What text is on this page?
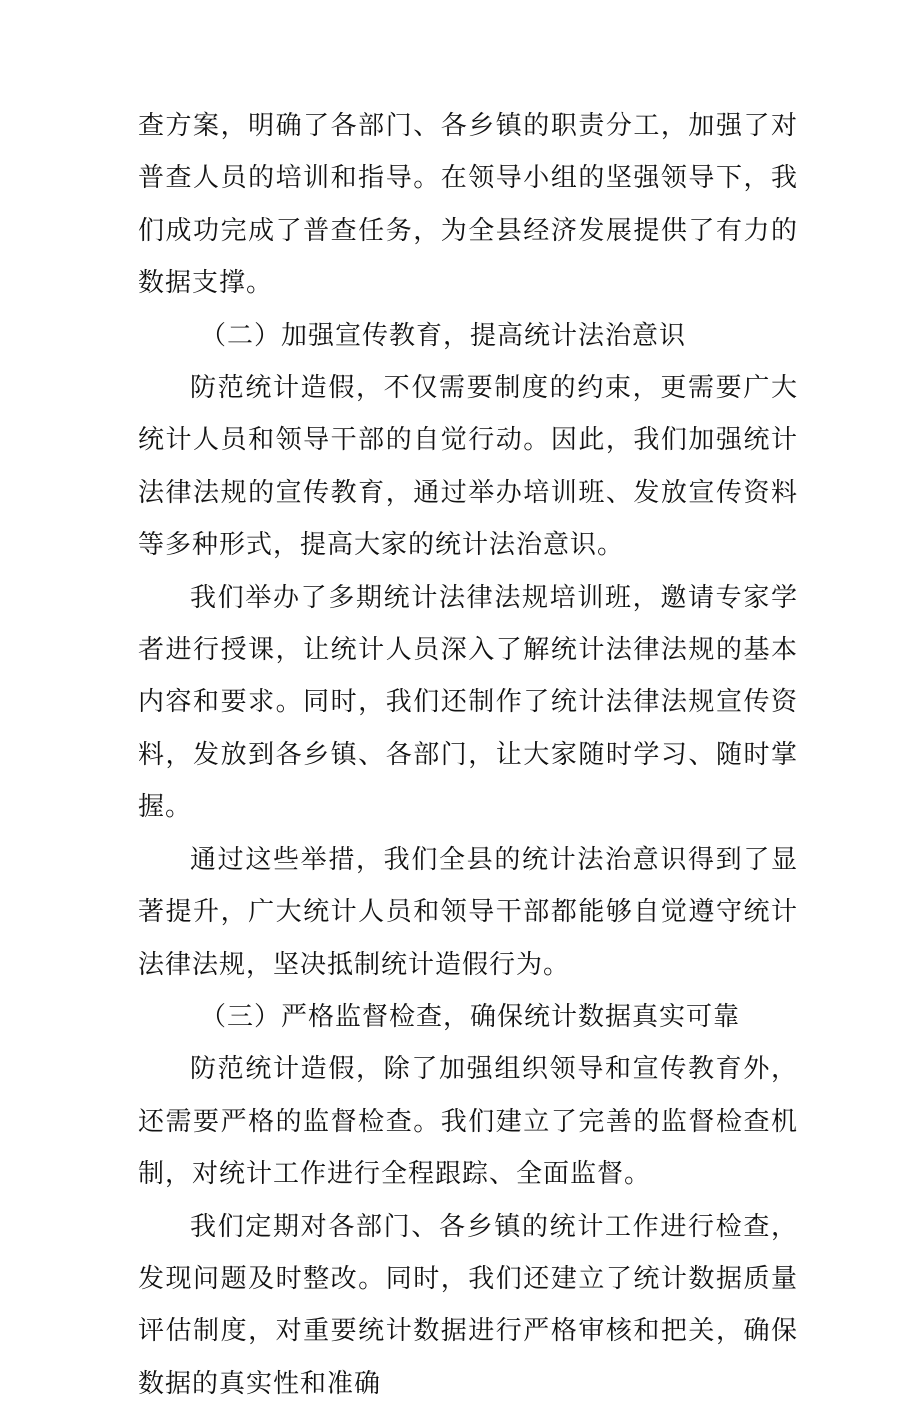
查方案，明确了各部门、各乡镇的职责分工，加强了对普查人员的培训和指导。在领导小组的坚强领导下，我们成功完成了普查任务，为全县经济发展提供了有力的数据支撑。

（二）加强宣传教育，提高统计法治意识

防范统计造假，不仅需要制度的约束，更需要广大统计人员和领导干部的自觉行动。因此，我们加强统计法律法规的宣传教育，通过举办培训班、发放宣传资料等多种形式，提高大家的统计法治意识。

我们举办了多期统计法律法规培训班，邀请专家学者进行授课，让统计人员深入了解统计法律法规的基本内容和要求。同时，我们还制作了统计法律法规宣传资料，发放到各乡镇、各部门，让大家随时学习、随时掌握。

通过这些举措，我们全县的统计法治意识得到了显著提升，广大统计人员和领导干部都能够自觉遵守统计法律法规，坚决抵制统计造假行为。

（三）严格监督检查，确保统计数据真实可靠

防范统计造假，除了加强组织领导和宣传教育外，还需要严格的监督检查。我们建立了完善的监督检查机制，对统计工作进行全程跟踪、全面监督。

我们定期对各部门、各乡镇的统计工作进行检查，发现问题及时整改。同时，我们还建立了统计数据质量评估制度，对重要统计数据进行严格审核和把关，确保数据的真实性和准确
